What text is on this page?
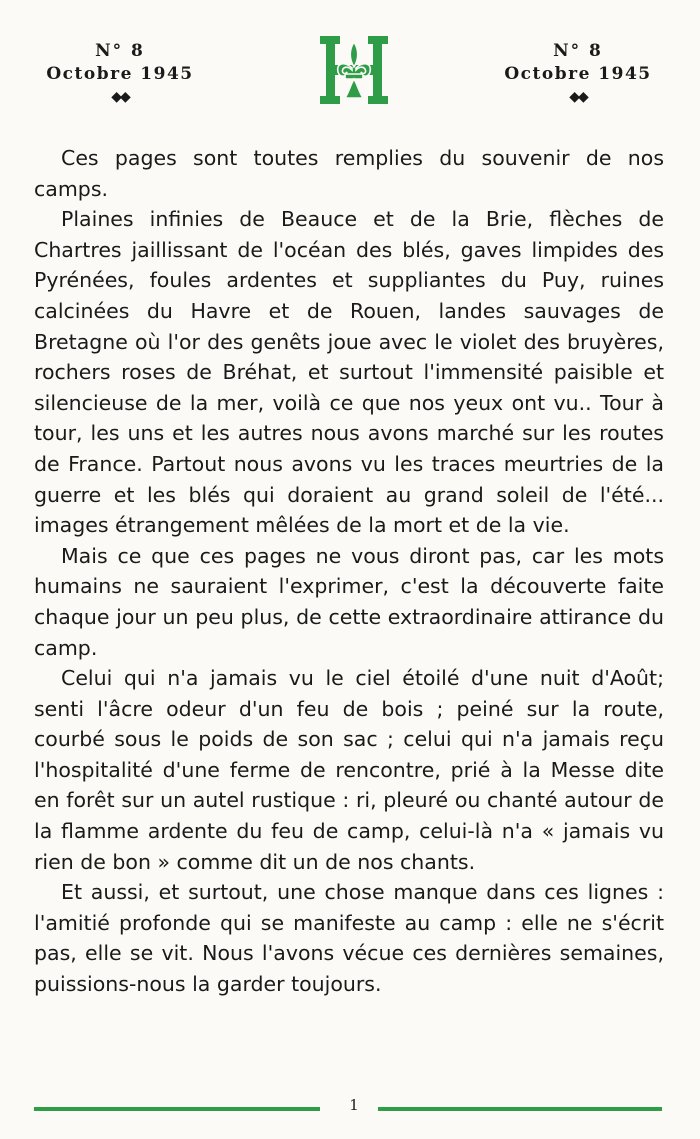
N° 8
Octobre 1945
◆◆
N° 8
Octobre 1945
◆◆

Ces pages sont toutes remplies du souvenir de nos camps.

Plaines infinies de Beauce et de la Brie, flèches de Chartres jaillissant de l'océan des blés, gaves limpides des Pyrénées, foules ardentes et suppliantes du Puy, ruines calcinées du Havre et de Rouen, landes sauvages de Bretagne où l'or des genêts joue avec le violet des bruyères, rochers roses de Bréhat, et surtout l'immensité paisible et silencieuse de la mer, voilà ce que nos yeux ont vu.. Tour à tour, les uns et les autres nous avons marché sur les routes de France. Partout nous avons vu les traces meurtries de la guerre et les blés qui doraient au grand soleil de l'été... images étrangement mêlées de la mort et de la vie.

Mais ce que ces pages ne vous diront pas, car les mots humains ne sauraient l'exprimer, c'est la découverte faite chaque jour un peu plus, de cette extraordinaire attirance du camp.

Celui qui n'a jamais vu le ciel étoilé d'une nuit d'Août; senti l'âcre odeur d'un feu de bois ; peiné sur la route, courbé sous le poids de son sac ; celui qui n'a jamais reçu l'hospitalité d'une ferme de rencontre, prié à la Messe dite en forêt sur un autel rustique : ri, pleuré ou chanté autour de la flamme ardente du feu de camp, celui-là n'a « jamais vu rien de bon » comme dit un de nos chants.

Et aussi, et surtout, une chose manque dans ces lignes : l'amitié profonde qui se manifeste au camp : elle ne s'écrit pas, elle se vit. Nous l'avons vécue ces dernières semaines, puissions-nous la garder toujours.

1
